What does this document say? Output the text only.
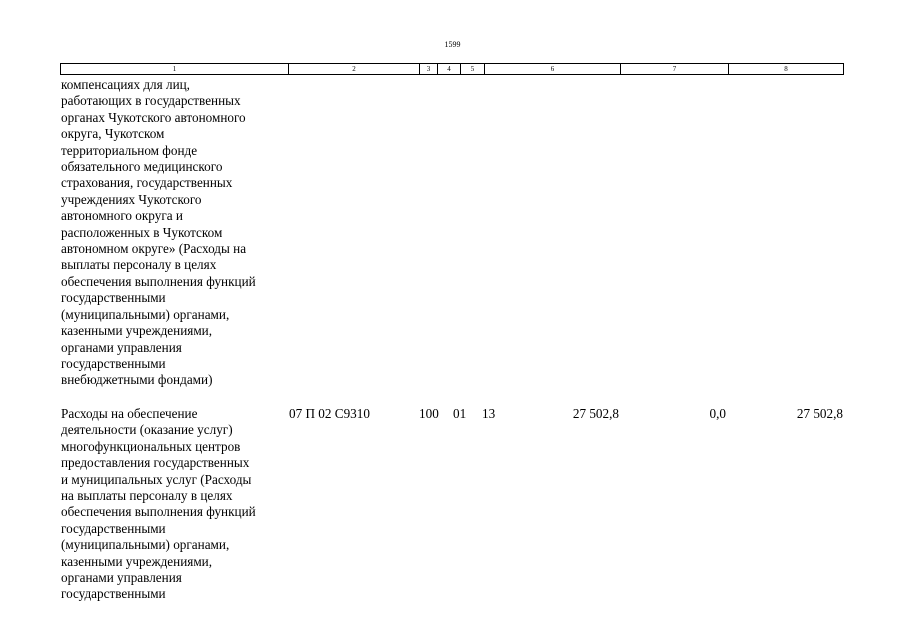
1599
1	2	3	4	5	6	7	8
компенсациях для лиц,
работающих в государственных
органах Чукотского автономного
округа, Чукотском
территориальном фонде
обязательного медицинского
страхования, государственных
учреждениях Чукотского
автономного округа и
расположенных в Чукотском
автономном округе» (Расходы на
выплаты персоналу в целях
обеспечения выполнения функций
государственными
(муниципальными) органами,
казенными учреждениями,
органами управления
государственными
внебюджетными фондами)
Расходы на обеспечение
деятельности (оказание услуг)
многофункциональных центров
предоставления государственных
и муниципальных услуг (Расходы
на выплаты персоналу в целях
обеспечения выполнения функций
государственными
(муниципальными) органами,
казенными учреждениями,
органами управления
государственными
07 П 02 С9310	100 01 13	27 502,8	0,0	27 502,8
